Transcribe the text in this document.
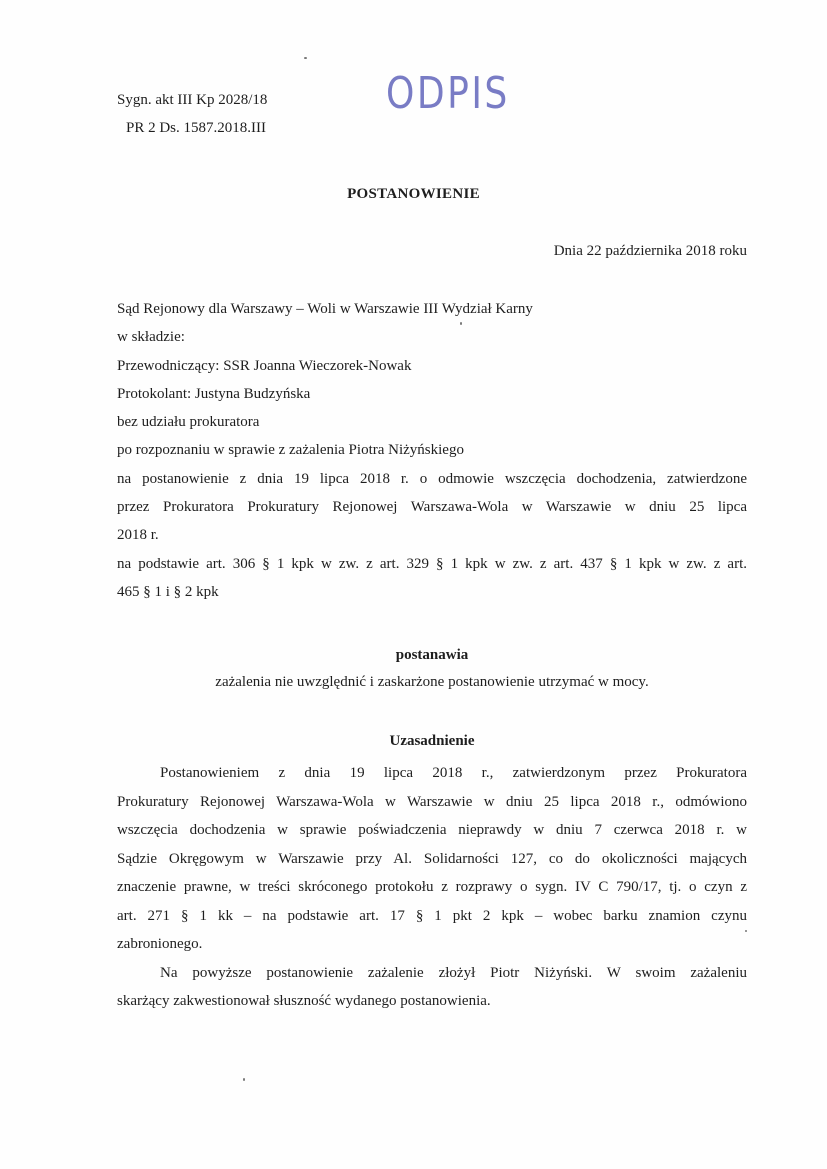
Sygn. akt III Kp 2028/18
PR 2 Ds. 1587.2018.III
ODPIS
POSTANOWIENIE
Dnia 22 października 2018 roku
Sąd Rejonowy dla Warszawy – Woli w Warszawie III Wydział Karny
w składzie:
Przewodniczący: SSR Joanna Wieczorek-Nowak
Protokolant: Justyna Budzyńska
bez udziału prokuratora
po rozpoznaniu w sprawie z zażalenia Piotra Niżyńskiego
na postanowienie z dnia 19 lipca 2018 r. o odmowie wszczęcia dochodzenia, zatwierdzone
przez Prokuratora Prokuratury Rejonowej Warszawa-Wola w Warszawie w dniu 25 lipca
2018 r.
na podstawie art. 306 § 1 kpk w zw. z art. 329 § 1 kpk w zw. z art. 437 § 1 kpk w zw. z art.
465 § 1 i § 2 kpk
postanawia
zażalenia nie uwzględnić i zaskarżone postanowienie utrzymać w mocy.
Uzasadnienie
Postanowieniem z dnia 19 lipca 2018 r., zatwierdzonym przez Prokuratora
Prokuratury Rejonowej Warszawa-Wola w Warszawie w dniu 25 lipca 2018 r., odmówiono
wszczęcia dochodzenia w sprawie poświadczenia nieprawdy w dniu 7 czerwca 2018 r. w
Sądzie Okręgowym w Warszawie przy Al. Solidarności 127, co do okoliczności mających
znaczenie prawne, w treści skróconego protokołu z rozprawy o sygn. IV C 790/17, tj. o czyn z
art. 271 § 1 kk – na podstawie art. 17 § 1 pkt 2 kpk – wobec barku znamion czynu
zabronionego.
Na powyższe postanowienie zażalenie złożył Piotr Niżyński. W swoim zażaleniu
skarżący zakwestionował słuszność wydanego postanowienia.
